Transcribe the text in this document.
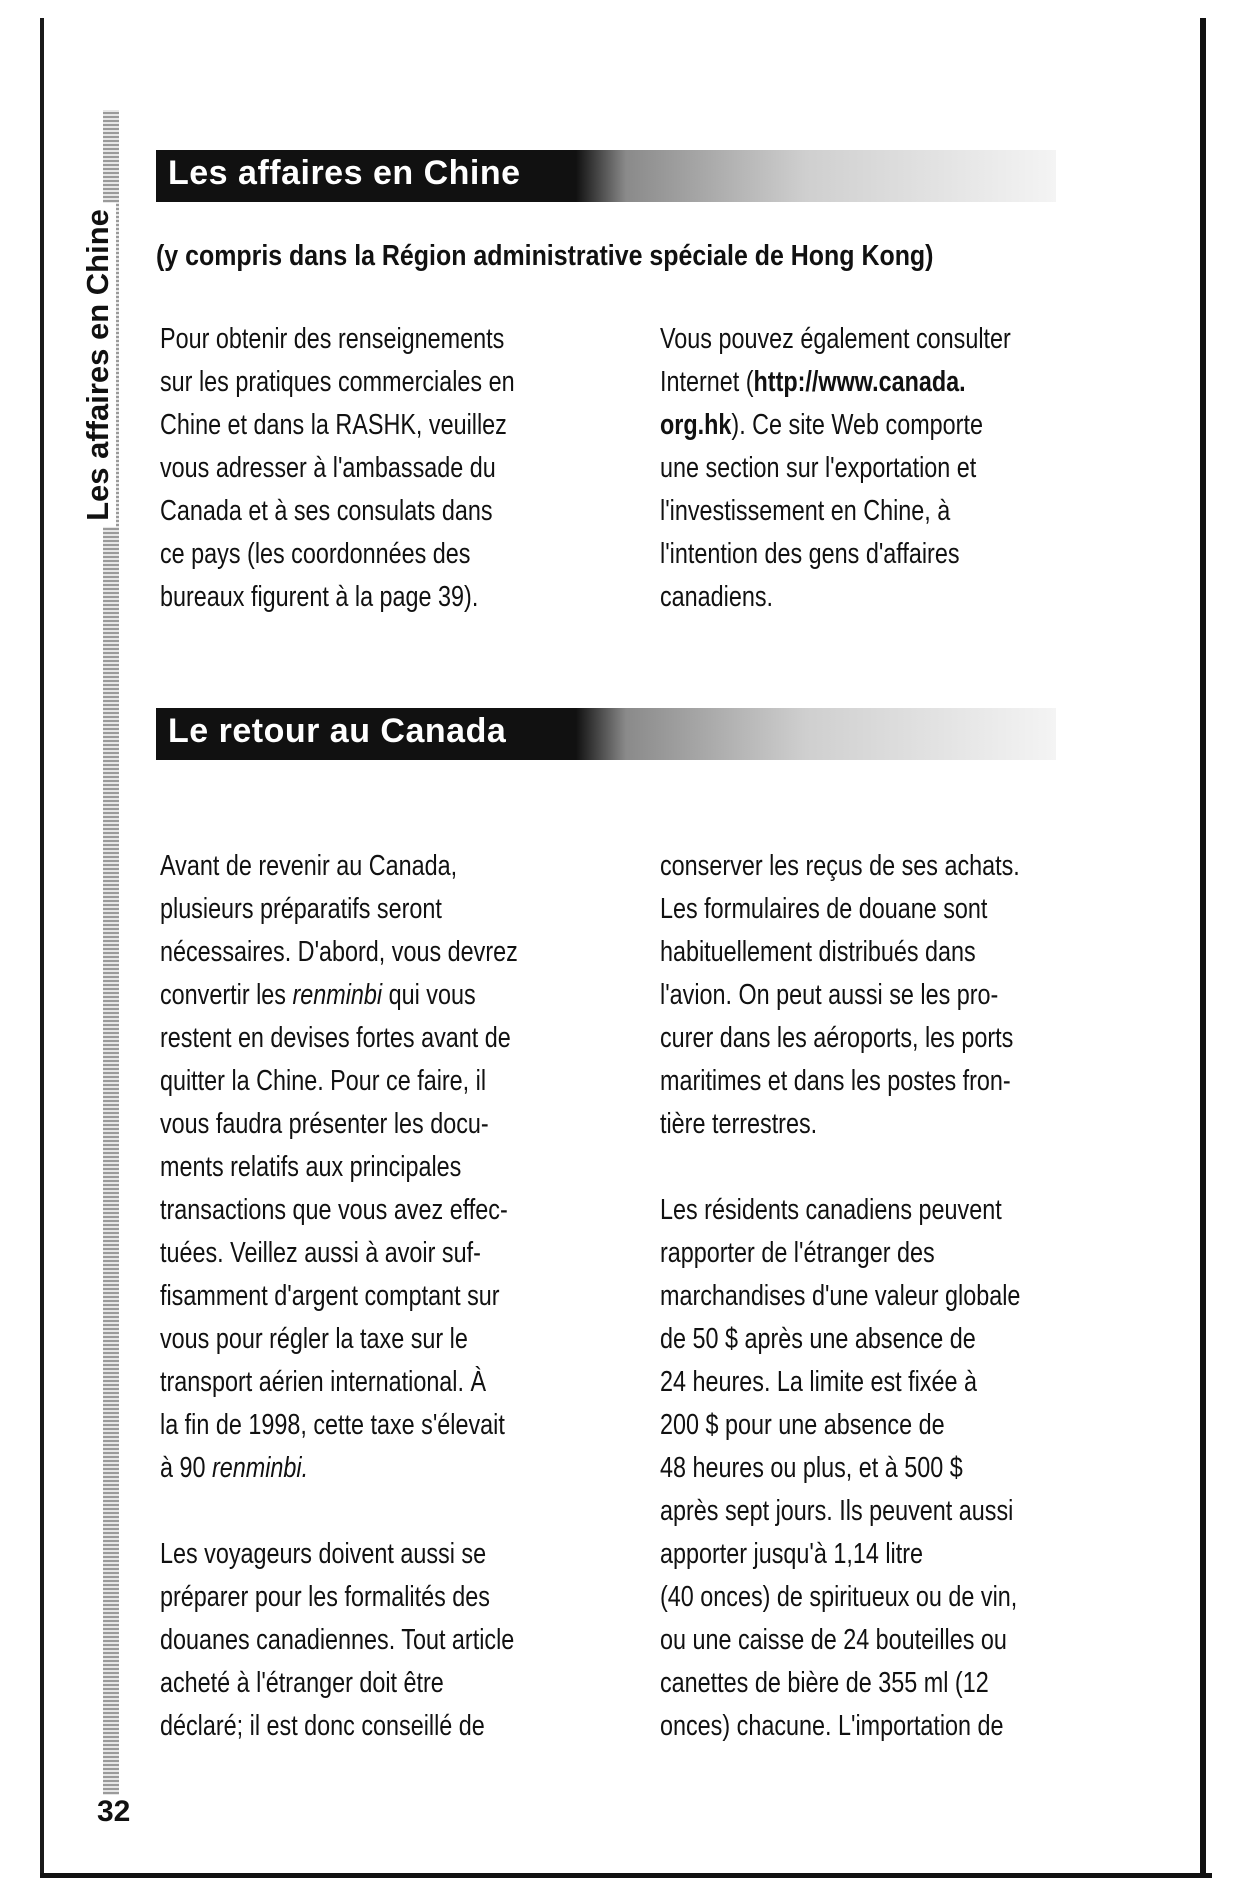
Les affaires en Chine
32
Les affaires en Chine
(y compris dans la Région administrative spéciale de Hong Kong)
Pour obtenir des renseignements
sur les pratiques commerciales en
Chine et dans la RASHK, veuillez
vous adresser à l'ambassade du
Canada et à ses consulats dans
ce pays (les coordonnées des
bureaux figurent à la page 39).
Vous pouvez également consulter
Internet (http://www.canada.
org.hk). Ce site Web comporte
une section sur l'exportation et
l'investissement en Chine, à
l'intention des gens d'affaires
canadiens.
Le retour au Canada
Avant de revenir au Canada,
plusieurs préparatifs seront
nécessaires. D'abord, vous devrez
convertir les renminbi qui vous
restent en devises fortes avant de
quitter la Chine. Pour ce faire, il
vous faudra présenter les docu-
ments relatifs aux principales
transactions que vous avez effec-
tuées. Veillez aussi à avoir suf-
fisamment d'argent comptant sur
vous pour régler la taxe sur le
transport aérien international. À
la fin de 1998, cette taxe s'élevait
à 90 renminbi.
Les voyageurs doivent aussi se
préparer pour les formalités des
douanes canadiennes. Tout article
acheté à l'étranger doit être
déclaré; il est donc conseillé de
conserver les reçus de ses achats.
Les formulaires de douane sont
habituellement distribués dans
l'avion. On peut aussi se les pro-
curer dans les aéroports, les ports
maritimes et dans les postes fron-
tière terrestres.
Les résidents canadiens peuvent
rapporter de l'étranger des
marchandises d'une valeur globale
de 50 $ après une absence de
24 heures. La limite est fixée à
200 $ pour une absence de
48 heures ou plus, et à 500 $
après sept jours. Ils peuvent aussi
apporter jusqu'à 1,14 litre
(40 onces) de spiritueux ou de vin,
ou une caisse de 24 bouteilles ou
canettes de bière de 355 ml (12
onces) chacune. L'importation de
